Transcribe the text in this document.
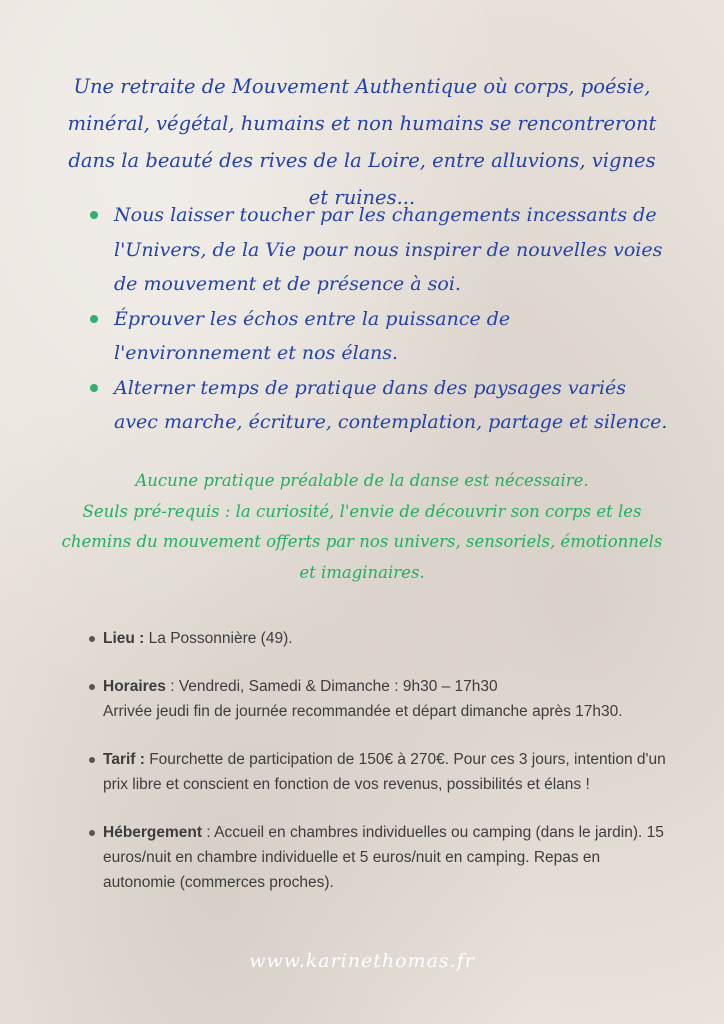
Une retraite de Mouvement Authentique où corps, poésie, minéral, végétal, humains et non humains se rencontreront dans la beauté des rives de la Loire, entre alluvions, vignes et ruines...
Nous laisser toucher par les changements incessants de l'Univers, de la Vie pour nous inspirer de nouvelles voies de mouvement et de présence à soi.
Éprouver les échos entre la puissance de l'environnement et nos élans.
Alterner temps de pratique dans des paysages variés avec marche, écriture, contemplation, partage et silence.
Aucune pratique préalable de la danse est nécessaire.
Seuls pré-requis : la curiosité, l'envie de découvrir son corps et les chemins du mouvement offerts par nos univers, sensoriels, émotionnels et imaginaires.
Lieu : La Possonnière (49).
Horaires : Vendredi, Samedi & Dimanche : 9h30 – 17h30
Arrivée jeudi fin de journée recommandée et départ dimanche après 17h30.
Tarif : Fourchette de participation de 150€ à 270€. Pour ces 3 jours, intention d'un prix libre et conscient en fonction de vos revenus, possibilités et élans !
Hébergement : Accueil en chambres individuelles ou camping (dans le jardin). 15 euros/nuit en chambre individuelle et 5 euros/nuit en camping. Repas en autonomie (commerces proches).
www.karinethomas.fr
